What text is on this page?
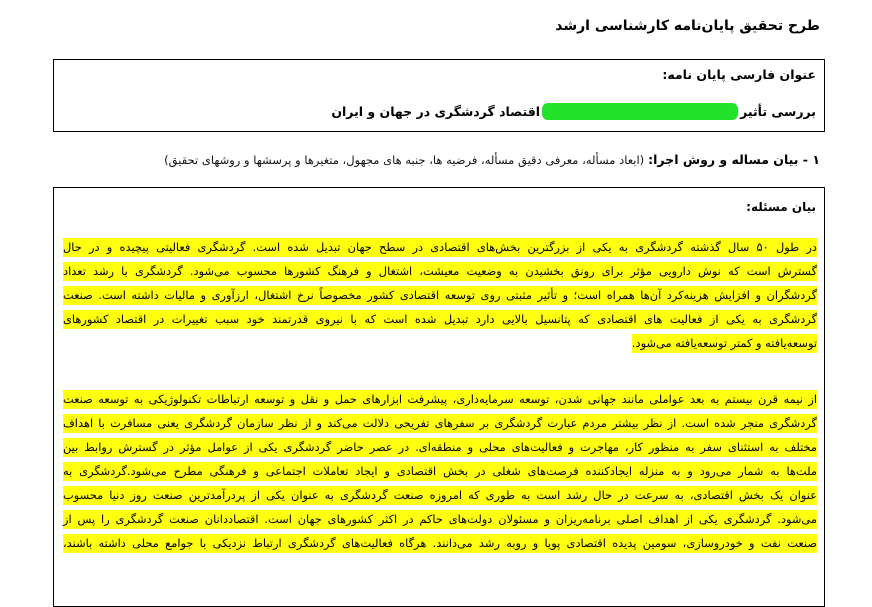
طرح تحقیق پایان‌نامه کارشناسی ارشد
عنوان فارسی پایان نامه:
بررسی تأثیراقتصاد گردشگری در جهان و ایران
۱ - بیان مساله و روش اجرا: (ابعاد مسأله، معرفی دقیق مسأله، فرضیه ها، جنبه های مجهول، متغیرها و پرسشها و روشهای تحقیق)
بیان مسئله:
در طول ۵۰ سال گذشته گردشگری به یکی از بزرگترین بخش‌های اقتصادی در سطح جهان تبدیل شده است. گردشگری فعالیتی پیچیده و در حال
گسترش است که نوش دارویی مؤثر برای رونق بخشیدن به وضعیت معیشت، اشتغال و فرهنگ کشورها محسوب می‌شود. گردشگری با رشد تعداد
گردشگران و افزایش هزینه‌کرد آن‌ها همراه است؛ و تأثیر مثبتی روی توسعه اقتصادی کشور مخصوصاً نرخ اشتغال، ارزآوری و مالیات داشته است. صنعت
گردشگری به یکی از فعالیت های اقتصادی که پتانسیل بالایی دارد تبدیل شده است که با نیروی قدرتمند خود سبب تغییرات در اقتصاد کشورهای
توسعه‌یافته و کمتر توسعه‌یافته می‌شود.
از نیمه قرن بیستم به بعد عواملی مانند جهانی شدن، توسعه سرمایه‌داری، پیشرفت ابزارهای حمل و نقل و توسعه ارتباطات تکنولوژیکی به توسعه صنعت
گردشگری منجر شده است. از نظر بیشتر مردم عبارت گردشگری بر سفرهای تفریحی دلالت می‌کند و از نظر سازمان گردشگری یعنی مسافرت با اهداف
مختلف به استثنای سفر به منظور کار، مهاجرت و فعالیت‌های محلی و منطقه‌ای. در عصر حاضر گردشگری یکی از عوامل مؤثر در گسترش روابط بین
ملت‌ها به شمار می‌رود و به منزله ایجادکننده فرصت‌های شغلی در بخش اقتصادی و ایجاد تعاملات اجتماعی و فرهنگی مطرح می‌شود.گردشگری به
عنوان یک بخش اقتصادی، به سرعت در حال رشد است به طوری که امروزه صنعت گردشگری به عنوان یکی از پردرآمدترین صنعت روز دنیا محسوب
می‌شود. گردشگری یکی از اهداف اصلی برنامه‌ریزان و مسئولان دولت‌های حاکم در اکثر کشورهای جهان است. اقتصاددانان صنعت گردشگری را پس از
صنعت نفت و خودروسازی، سومین پدیده اقتصادی پویا و روبه رشد می‌دانند. هرگاه فعالیت‌های گردشگری ارتباط نزدیکی با جوامع محلی داشته باشند،
